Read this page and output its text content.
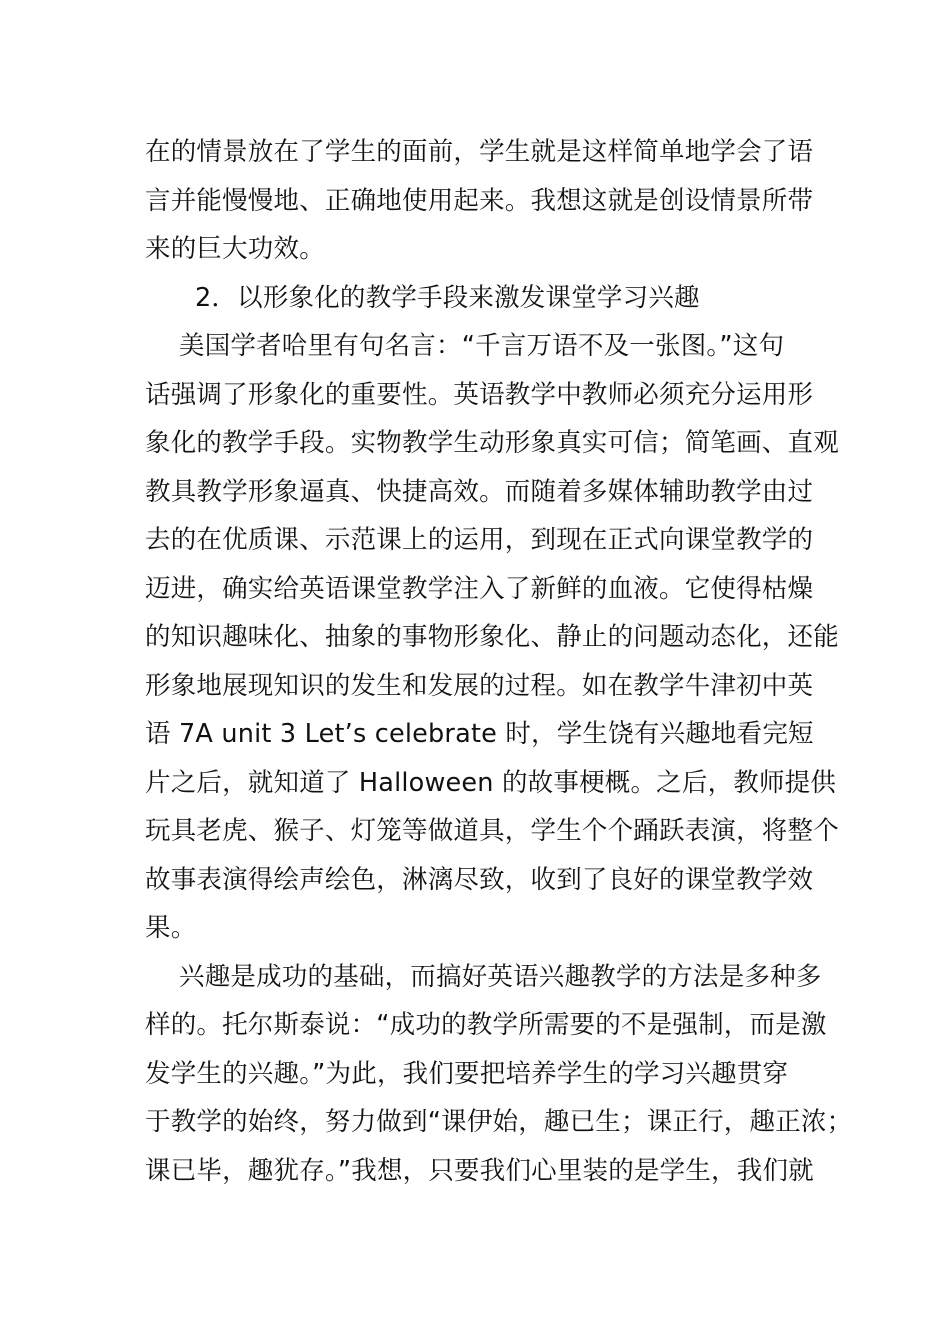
在的情景放在了学生的面前，学生就是这样简单地学会了语
言并能慢慢地、正确地使用起来。我想这就是创设情景所带
来的巨大功效。
2．以形象化的教学手段来激发课堂学习兴趣
美国学者哈里有句名言：“千言万语不及一张图。”这句
话强调了形象化的重要性。英语教学中教师必须充分运用形
象化的教学手段。实物教学生动形象真实可信；简笔画、直观
教具教学形象逼真、快捷高效。而随着多媒体辅助教学由过
去的在优质课、示范课上的运用，到现在正式向课堂教学的
迈进，确实给英语课堂教学注入了新鲜的血液。它使得枯燥
的知识趣味化、抽象的事物形象化、静止的问题动态化，还能
形象地展现知识的发生和发展的过程。如在教学牛津初中英
语 7A unit 3 Let’s celebrate 时，学生饶有兴趣地看完短
片之后，就知道了 Halloween 的故事梗概。之后，教师提供
玩具老虎、猴子、灯笼等做道具，学生个个踊跃表演，将整个
故事表演得绘声绘色，淋漓尽致，收到了良好的课堂教学效
果。
兴趣是成功的基础，而搞好英语兴趣教学的方法是多种多
样的。托尔斯泰说：“成功的教学所需要的不是强制，而是激
发学生的兴趣。”为此，我们要把培养学生的学习兴趣贯穿
于教学的始终，努力做到“课伊始，趣已生；课正行，趣正浓；
课已毕，趣犹存。”我想，只要我们心里装的是学生，我们就
